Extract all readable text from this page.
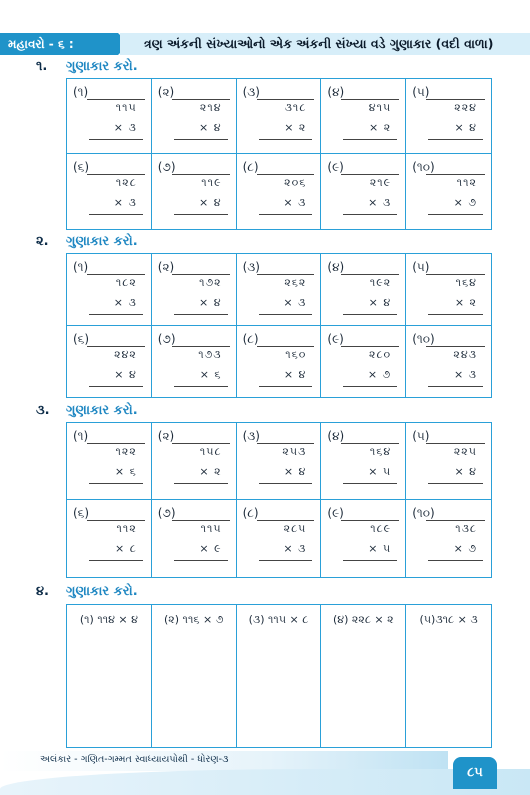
મહાવરો - ૬ :	ત્રણ અંકની સંખ્યાઓનો એક અંકની સંખ્યા વડે ગુણાકાર (વદી વાળા)
૧. ગુણાકાર કરો.
(૧)
૧૧૫
× ૩
(૨)
૨૧૪
× ૪
(૩)
૩૧૮
× ૨
(૪)
૪૧૫
× ૨
(૫)
૨૨૪
× ૪
(૬)
૧૨૮
× ૩
(૭)
૧૧૯
× ૪
(૮)
૨૦૬
× ૩
(૯)
૨૧૯
× ૩
(૧૦)
૧૧૨
× ૭
૨. ગુણાકાર કરો.
(૧)
૧૮૨
× ૩
(૨)
૧૭૨
× ૪
(૩)
૨૬૨
× ૩
(૪)
૧૯૨
× ૪
(૫)
૧૬૪
× ૨
(૬)
૨૪૨
× ૪
(૭)
૧૭૩
× ૬
(૮)
૧૬૦
× ૪
(૯)
૨૮૦
× ૭
(૧૦)
૨૪૩
× ૩
૩. ગુણાકાર કરો.
(૧)
૧૨૨
× ૬
(૨)
૧૫૮
× ૨
(૩)
૨૫૩
× ૪
(૪)
૧૬૪
× ૫
(૫)
૨૨૫
× ૪
(૬)
૧૧૨
× ૮
(૭)
૧૧૫
× ૯
(૮)
૨૮૫
× ૩
(૯)
૧૮૯
× ૫
(૧૦)
૧૩૮
× ૭
૪. ગુણાકાર કરો.
(૧) ૧૧૪ × ૪	(૨) ૧૧૬ × ૭	(૩) ૧૧૫ × ૮	(૪) ૨૨૮ × ૨	(૫)૩૧૮ × ૩
અલંકાર - ગણિત-ગમ્મત સ્વાધ્યાયપોથી - ધોરણ-૩
૮૫
